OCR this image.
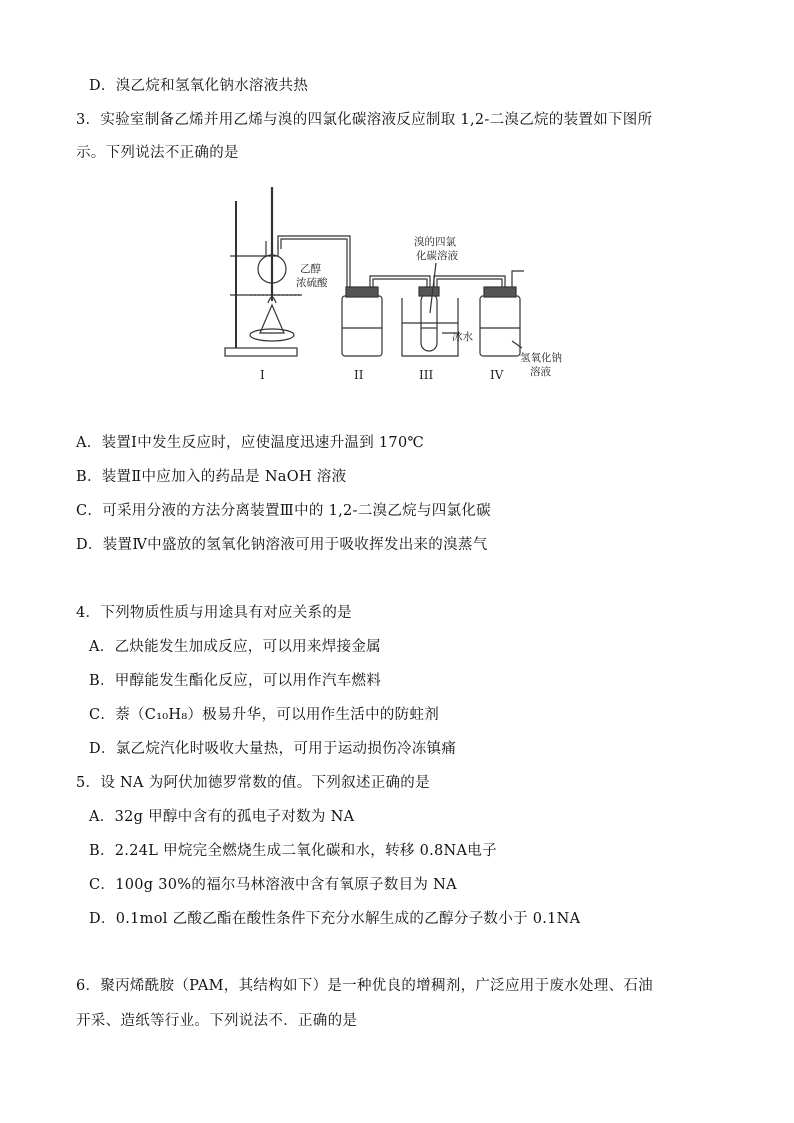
D．溴乙烷和氢氧化钠水溶液共热
3．实验室制备乙烯并用乙烯与溴的四氯化碳溶液反应制取 1,2-二溴乙烷的装置如下图所
示。下列说法不正确的是
乙醇
浓硫酸
溴的四氯
化碳溶液
冰水
氢氧化钠
溶液
I	II	III	IV
A．装置Ⅰ中发生反应时，应使温度迅速升温到 170℃
B．装置Ⅱ中应加入的药品是 NaOH 溶液
C．可采用分液的方法分离装置Ⅲ中的 1,2-二溴乙烷与四氯化碳
D．装置Ⅳ中盛放的氢氧化钠溶液可用于吸收挥发出来的溴蒸气
4．下列物质性质与用途具有对应关系的是
A．乙炔能发生加成反应，可以用来焊接金属
B．甲醇能发生酯化反应，可以用作汽车燃料
C．萘（C₁₀H₈）极易升华，可以用作生活中的防蛀剂
D．氯乙烷汽化时吸收大量热，可用于运动损伤冷冻镇痛
5．设 NA 为阿伏加德罗常数的值。下列叙述正确的是
A．32g 甲醇中含有的孤电子对数为 NA
B．2.24L 甲烷完全燃烧生成二氧化碳和水，转移 0.8NA电子
C．100g 30%的福尔马林溶液中含有氧原子数目为 NA
D．0.1mol 乙酸乙酯在酸性条件下充分水解生成的乙醇分子数小于 0.1NA
6．聚丙烯酰胺（PAM，其结构如下）是一种优良的增稠剂，广泛应用于废水处理、石油
开采、造纸等行业。下列说法不．正确的是
